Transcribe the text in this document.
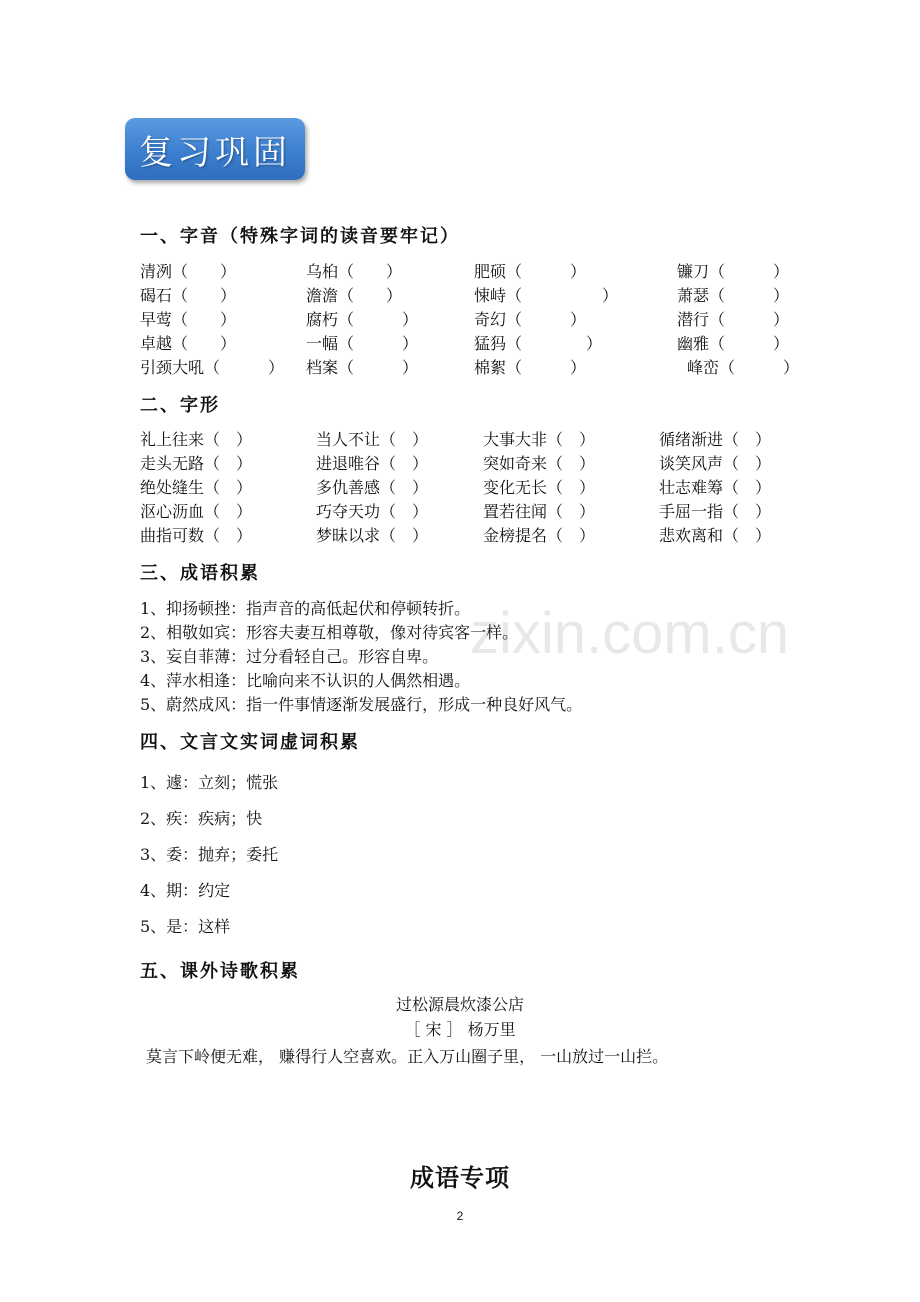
复习巩固
zixin.com.cn
一、字音（特殊字词的读音要牢记）
清冽（　　）	乌桕（　　）	肥硕（　　　）	镰刀（　　　）
碣石（　　）	澹澹（　　）	悚峙（　　　　　）	萧瑟（　　　）
早莺（　　）	腐朽（　　　）	奇幻（　　　）	潜行（　　　）
卓越（　　）	一幅（　　　）	猛犸（　　　　）	幽雅（　　　）
引颈大吼（　　　） 档案（　　　）	棉絮（　　　）	峰峦（　　　）
二、字形
礼上往来（　）	当人不让（　）	大事大非（　）	循绪渐进（　）
走头无路（　）	进退唯谷（　）	突如奇来（　）	谈笑风声（　）
绝处缝生（　）	多仇善感（　）	变化无长（　）	壮志难筹（　）
沤心沥血（　）	巧夺天功（　）	置若往闻（　）	手屈一指（　）
曲指可数（　）	梦昧以求（　）	金榜提名（　）	悲欢离和（　）
三、成语积累
1、抑扬顿挫：指声音的高低起伏和停顿转折。
2、相敬如宾：形容夫妻互相尊敬，像对待宾客一样。
3、妄自菲薄：过分看轻自己。形容自卑。
4、萍水相逢：比喻向来不认识的人偶然相遇。
5、蔚然成风：指一件事情逐渐发展盛行，形成一种良好风气。
四、文言文实词虚词积累
1、遽：立刻；慌张
2、疾：疾病；快
3、委：抛弃；委托
4、期：约定
5、是：这样
五、课外诗歌积累
过松源晨炊漆公店
［ 宋 ］ 杨万里
莫言下岭便无难， 赚得行人空喜欢。正入万山圈子里， 一山放过一山拦。
成语专项
2
